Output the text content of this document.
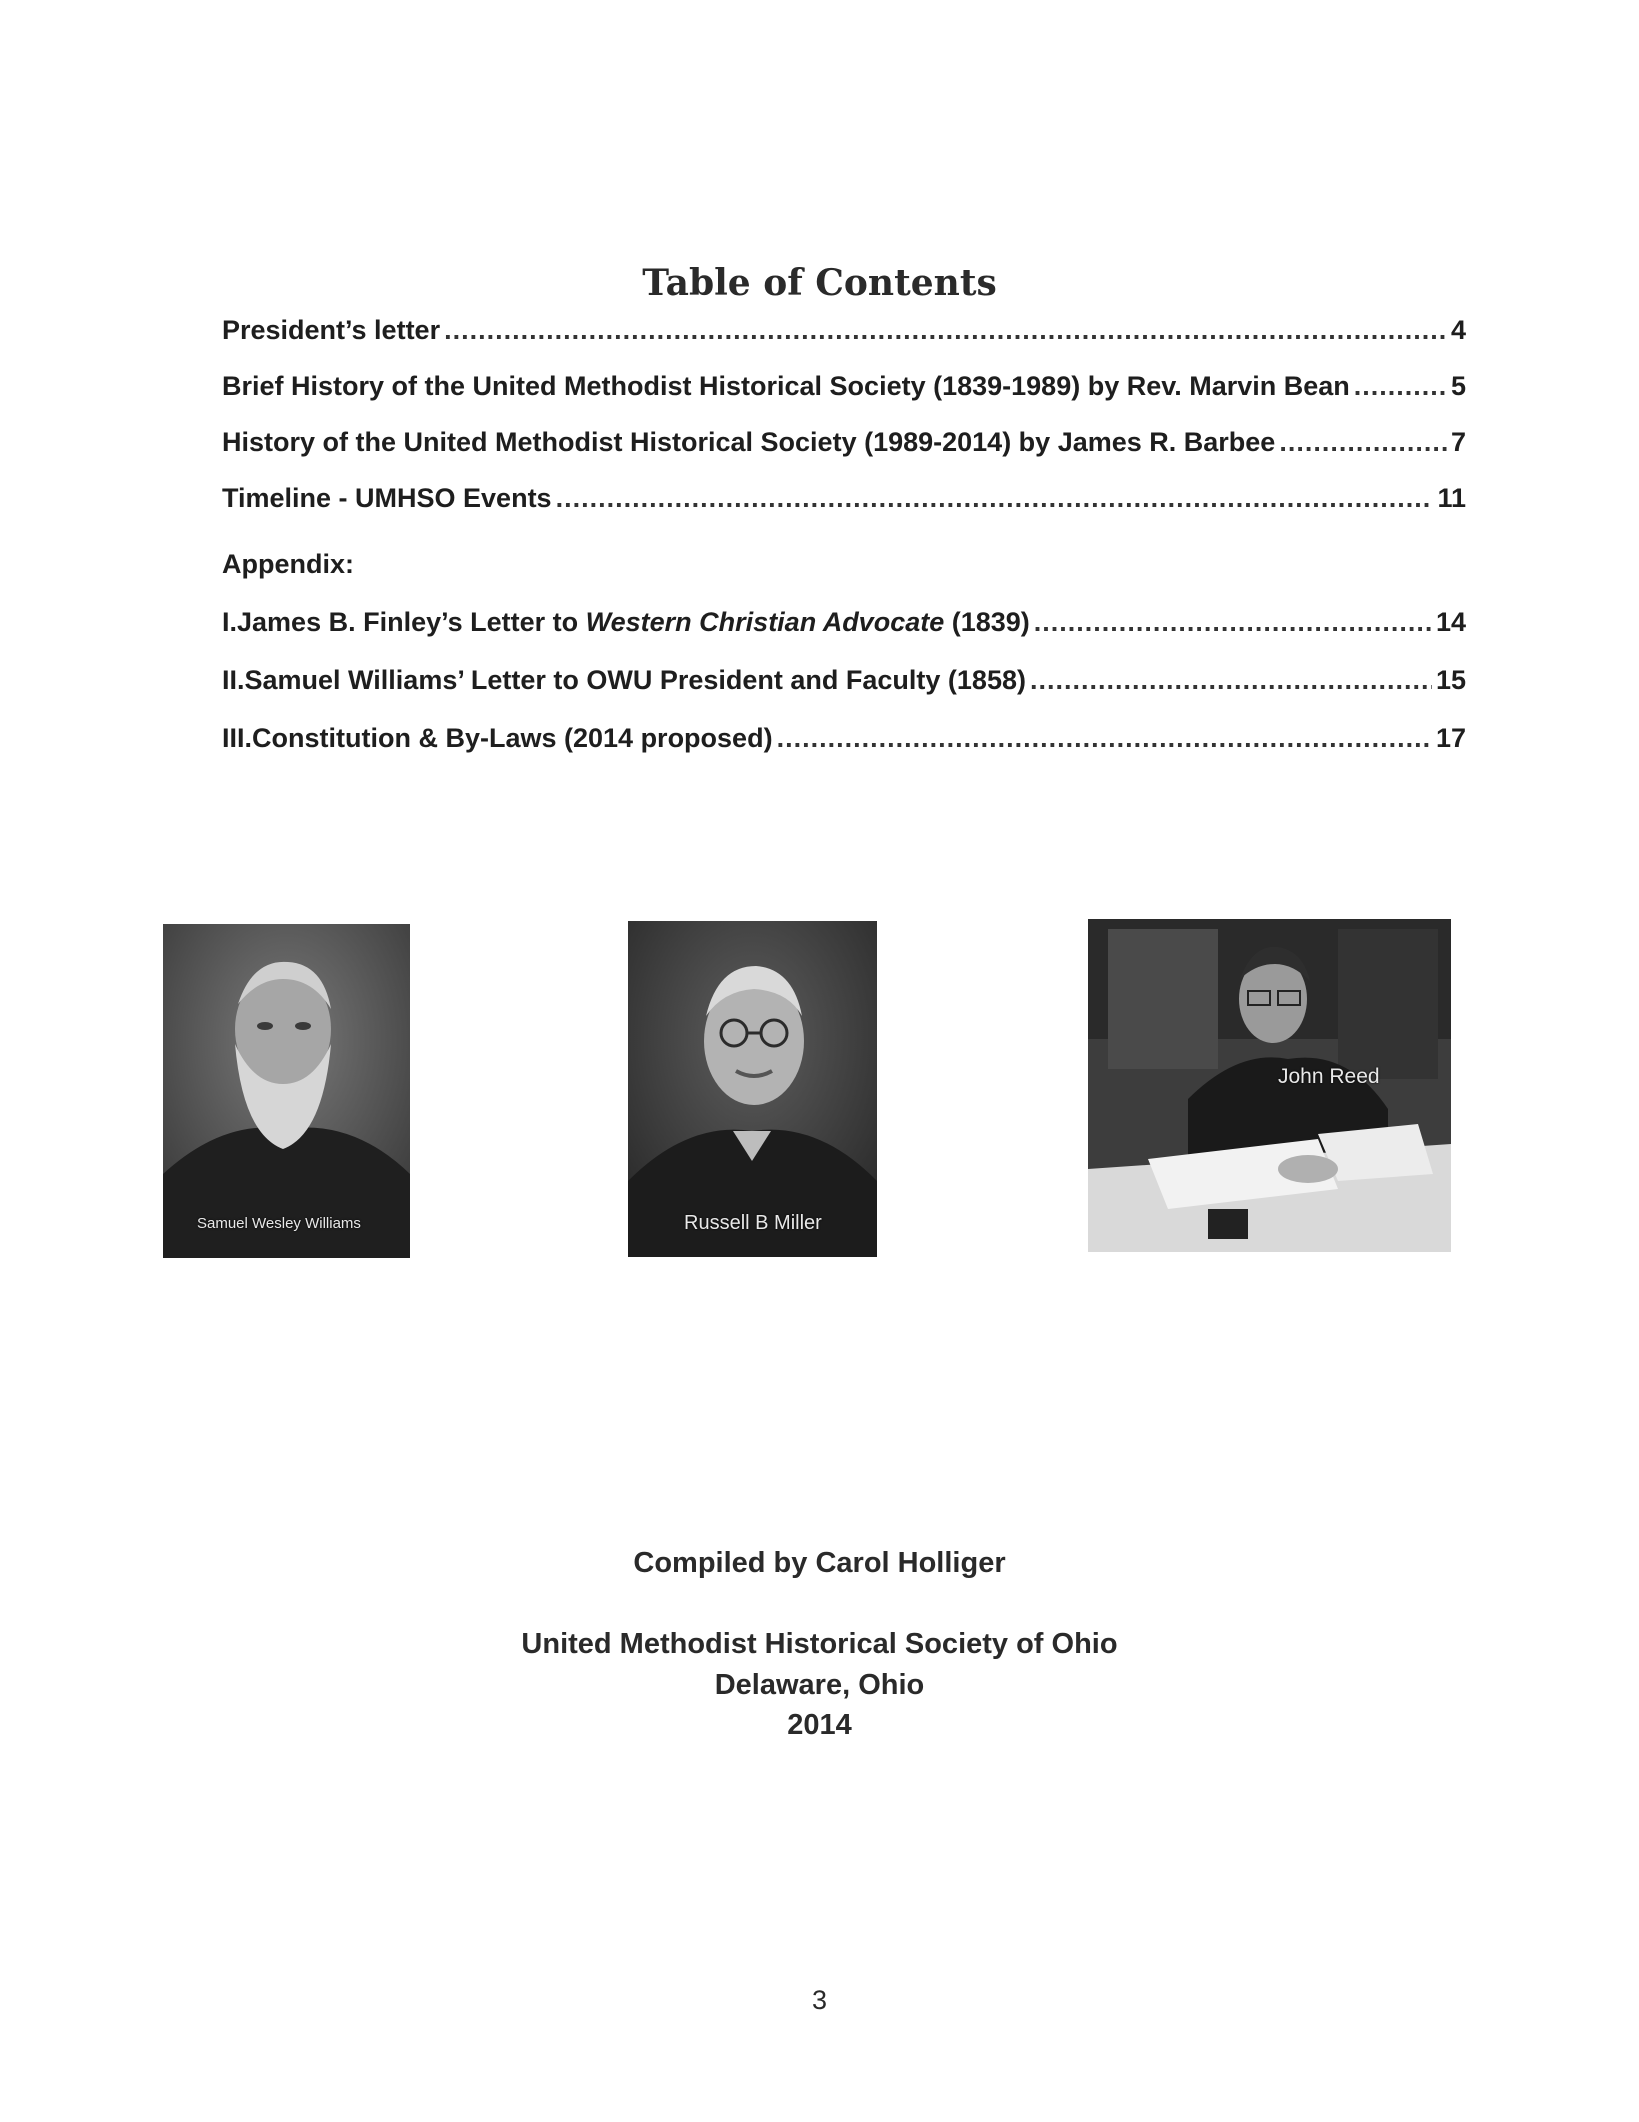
Table of Contents
President’s letter .....	4
Brief History of the United Methodist Historical Society (1839-1989) by Rev. Marvin Bean .....	5
History of the United Methodist Historical Society (1989-2014) by James R. Barbee .....	7
Timeline - UMHSO Events .....	11
Appendix:
I. James B. Finley’s Letter to Western Christian Advocate (1839) .....	14
II. Samuel Williams’ Letter to OWU President and Faculty (1858) .....	15
III. Constitution & By-Laws (2014 proposed) .....	17
Samuel Wesley Williams	Russell B Miller
John Reed
Compiled by Carol Holliger
United Methodist Historical Society of Ohio
Delaware, Ohio
2014
3
